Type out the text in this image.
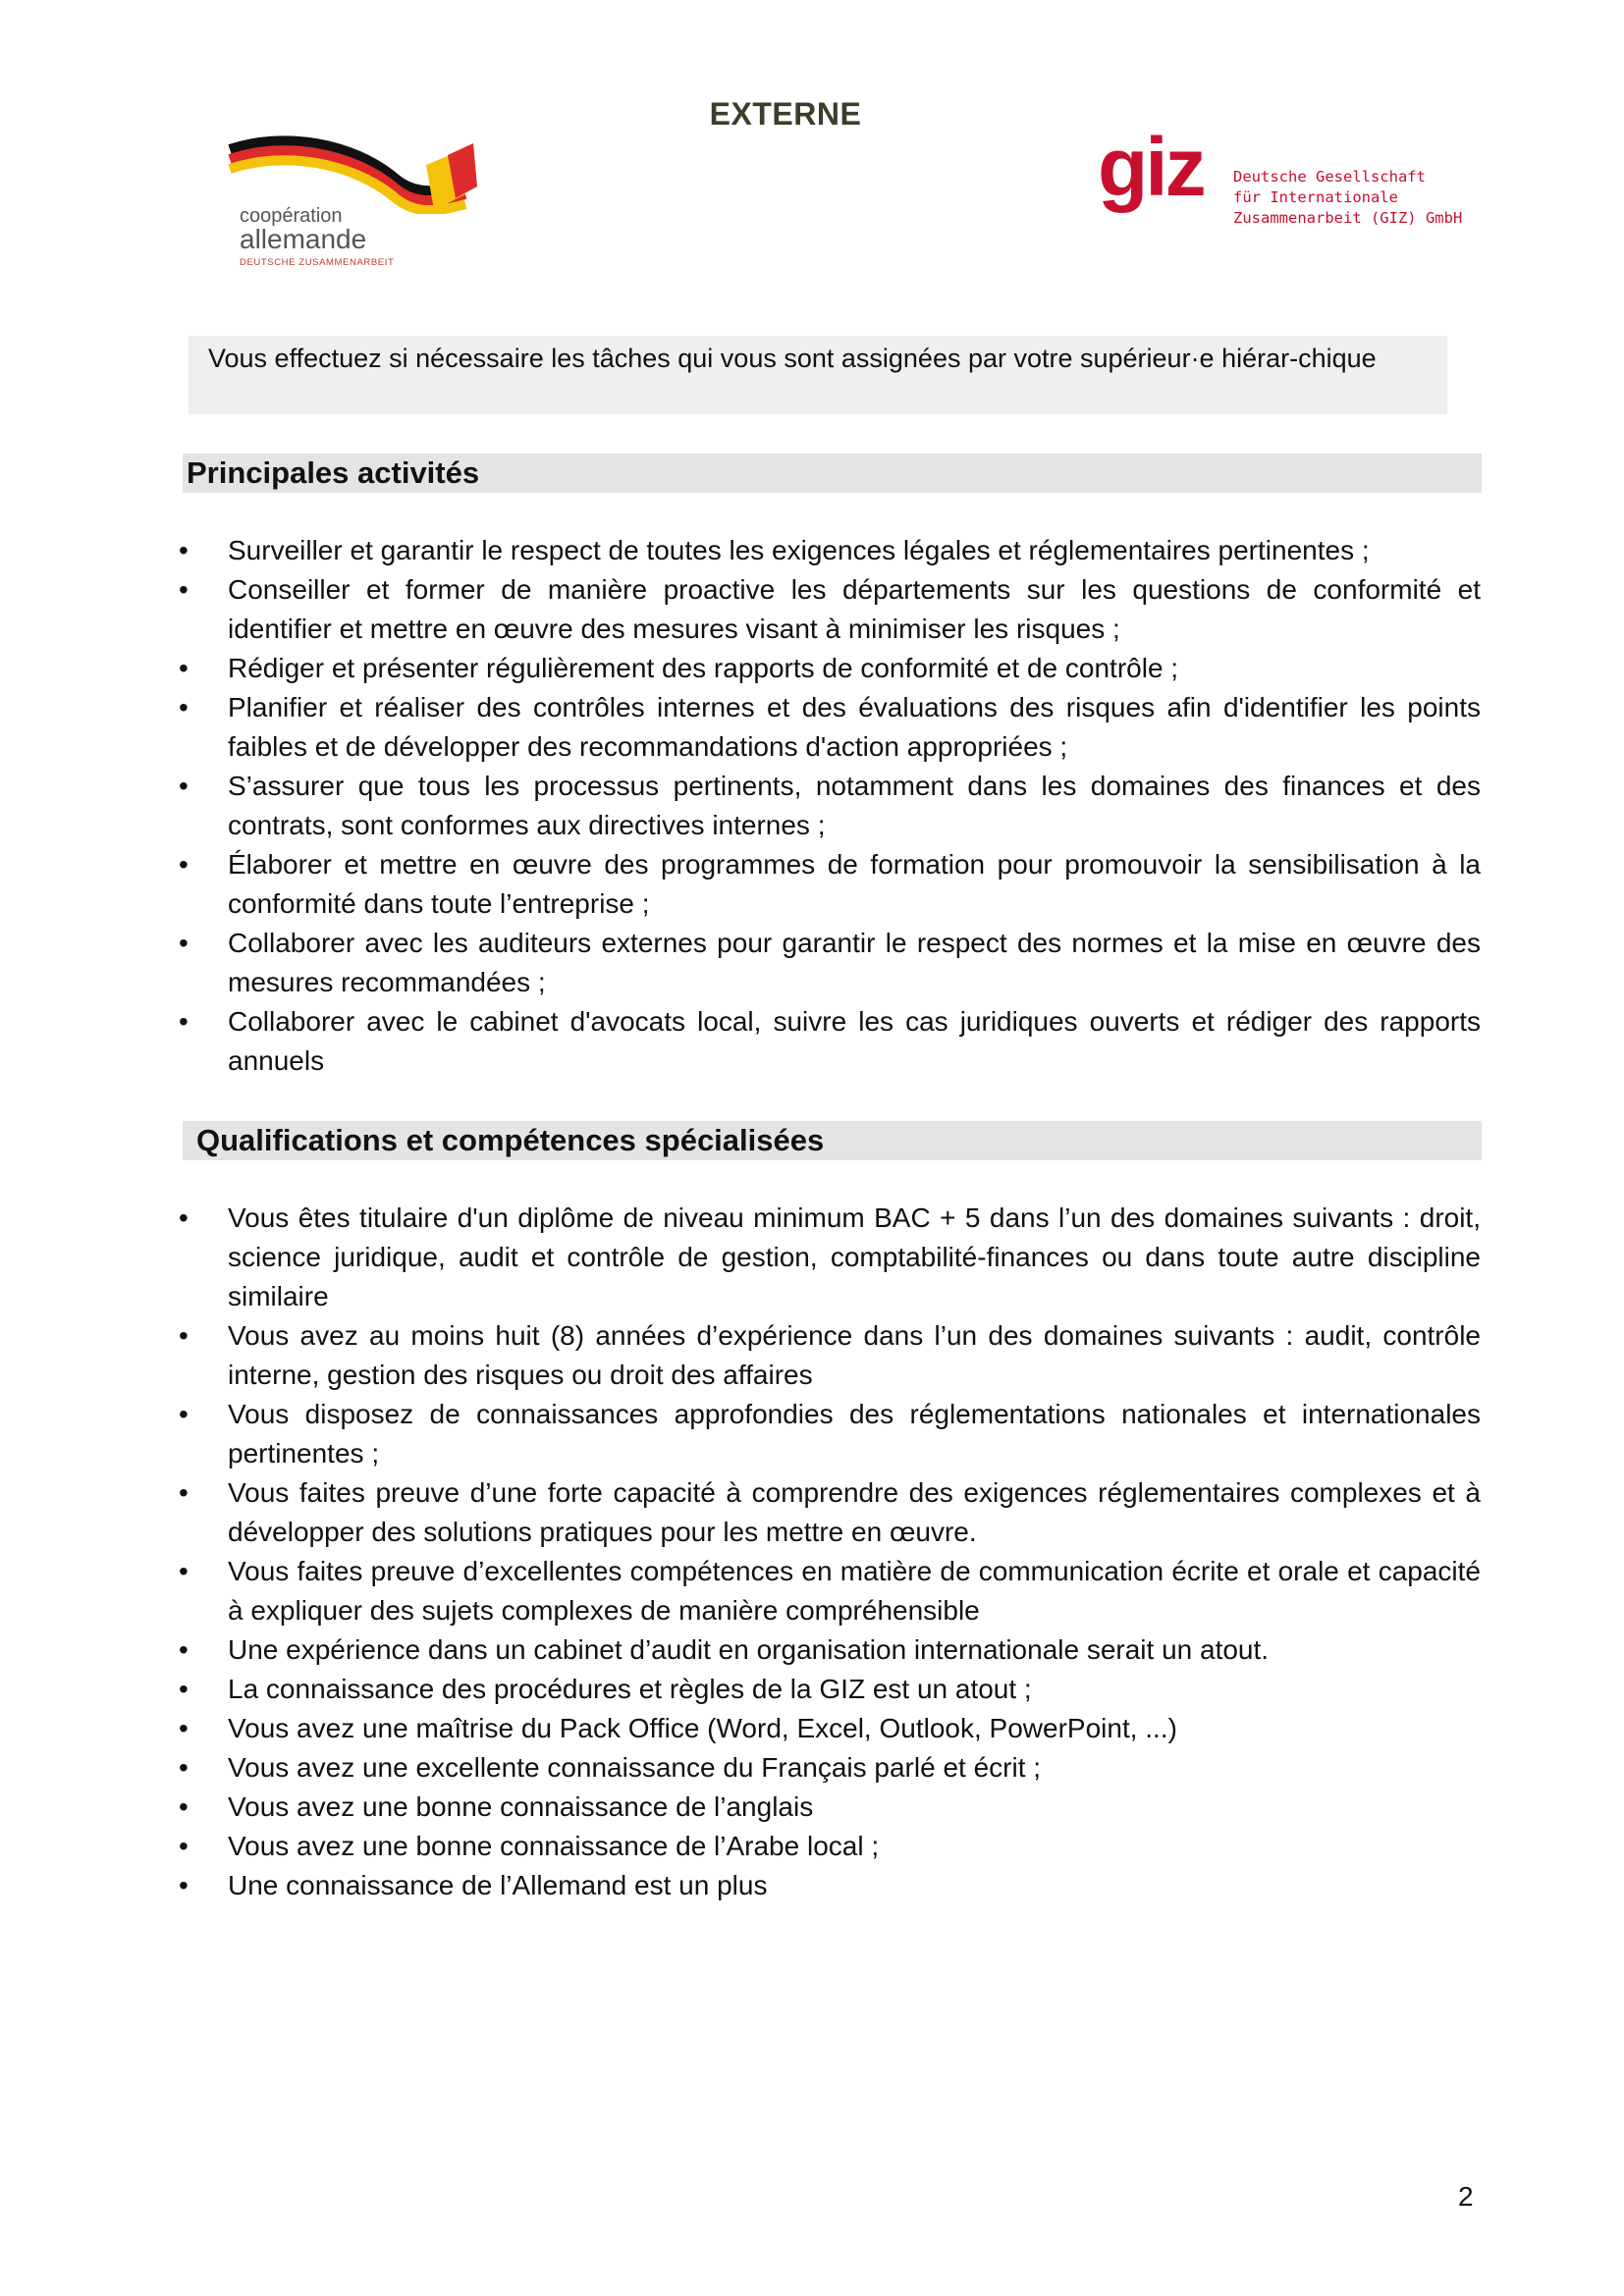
EXTERNE
coopération
allemande
DEUTSCHE ZUSAMMENARBEIT
giz Deutsche Gesellschaft
für Internationale
Zusammenarbeit (GIZ) GmbH
Vous effectuez si nécessaire les tâches qui vous sont assignées par votre supérieur·e hiérar-chique
Principales activités
• Surveiller et garantir le respect de toutes les exigences légales et réglementaires pertinentes ;
• Conseiller et former de manière proactive les départements sur les questions de conformité et identifier et mettre en œuvre des mesures visant à minimiser les risques ;
• Rédiger et présenter régulièrement des rapports de conformité et de contrôle ;
• Planifier et réaliser des contrôles internes et des évaluations des risques afin d'identifier les points faibles et de développer des recommandations d'action appropriées ;
• S’assurer que tous les processus pertinents, notamment dans les domaines des finances et des contrats, sont conformes aux directives internes ;
• Élaborer et mettre en œuvre des programmes de formation pour promouvoir la sensibilisation à la conformité dans toute l’entreprise ;
• Collaborer avec les auditeurs externes pour garantir le respect des normes et la mise en œuvre des mesures recommandées ;
• Collaborer avec le cabinet d'avocats local, suivre les cas juridiques ouverts et rédiger des rapports annuels
Qualifications et compétences spécialisées
• Vous êtes titulaire d'un diplôme de niveau minimum BAC + 5 dans l’un des domaines suivants : droit, science juridique, audit et contrôle de gestion, comptabilité-finances ou dans toute autre discipline similaire
• Vous avez au moins huit (8) années d’expérience dans l’un des domaines suivants : audit, contrôle interne, gestion des risques ou droit des affaires
• Vous disposez de connaissances approfondies des réglementations nationales et internationales pertinentes ;
• Vous faites preuve d’une forte capacité à comprendre des exigences réglementaires complexes et à développer des solutions pratiques pour les mettre en œuvre.
• Vous faites preuve d’excellentes compétences en matière de communication écrite et orale et capacité à expliquer des sujets complexes de manière compréhensible
• Une expérience dans un cabinet d’audit en organisation internationale serait un atout.
• La connaissance des procédures et règles de la GIZ est un atout ;
• Vous avez une maîtrise du Pack Office (Word, Excel, Outlook, PowerPoint, ...)
• Vous avez une excellente connaissance du Français parlé et écrit ;
• Vous avez une bonne connaissance de l’anglais
• Vous avez une bonne connaissance de l’Arabe local ;
• Une connaissance de l’Allemand est un plus
2
